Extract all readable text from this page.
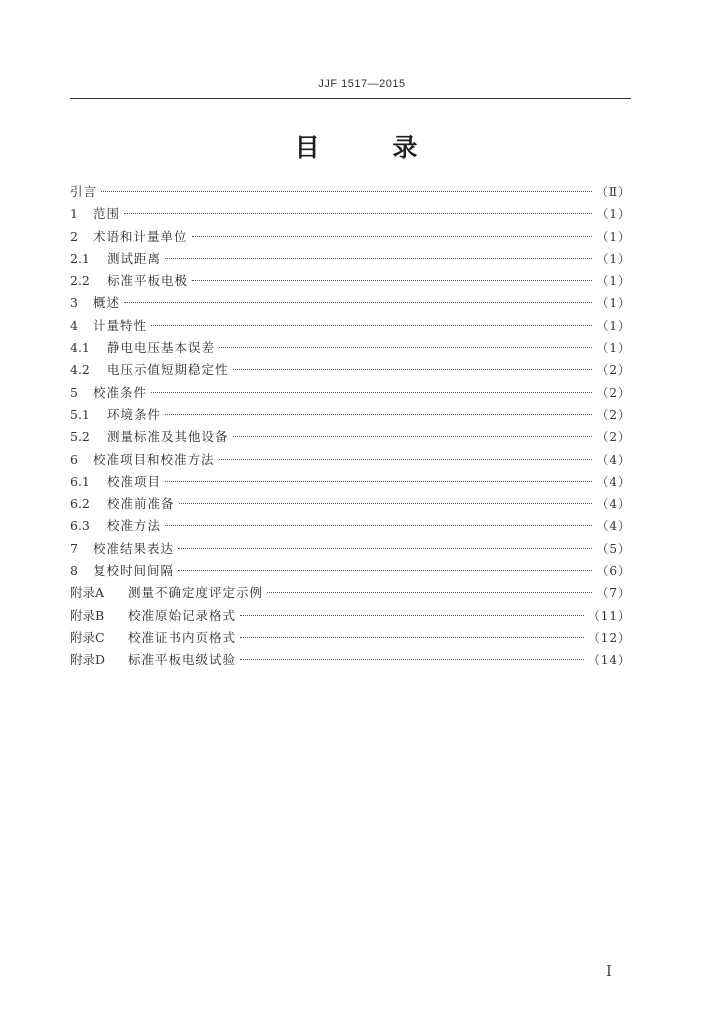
JJF 1517—2015
目 录
引言	（Ⅱ）
1	范围	（1）
2	术语和计量单位	（1）
2.1	测试距离	（1）
2.2	标准平板电极	（1）
3	概述	（1）
4	计量特性	（1）
4.1	静电电压基本误差	（1）
4.2	电压示值短期稳定性	（2）
5	校准条件	（2）
5.1	环境条件	（2）
5.2	测量标准及其他设备	（2）
6	校准项目和校准方法	（4）
6.1	校准项目	（4）
6.2	校准前准备	（4）
6.3	校准方法	（4）
7	校准结果表达	（5）
8	复校时间间隔	（6）
附录A	测量不确定度评定示例	（7）
附录B	校准原始记录格式	（11）
附录C	校准证书内页格式	（12）
附录D	标准平板电级试验	（14）
I
